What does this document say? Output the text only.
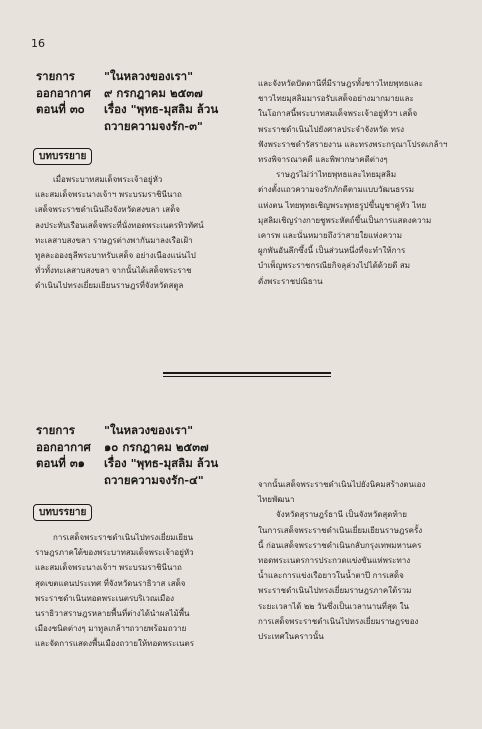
16
รายการ	"ในหลวงของเรา"
ออกอากาศ	๙ กรกฎาคม ๒๕๓๗
ตอนที่ ๓๐	เรื่อง "พุทธ-มุสลิม ล้วน
ถวายความจงรัก-๓"
บทบรรยาย

เมื่อพระบาทสมเด็จพระเจ้าอยู่หัว

และสมเด็จพระนางเจ้าฯ พระบรมราชินีนาถ

เสด็จพระราชดำเนินถึงจังหวัดสงขลา เสด็จ

ลงประทับเรือนเสด็จพระที่นั่งทอดพระเนตรทิวทัศน์

ทะเลสาบสงขลา ราษฎรต่างพากันมาลงเรือเฝ้า

ทูลละอองธุลีพระบาทรับเสด็จ อย่างเนืองแน่นไป

ทั่วทั้งทะเลสาบสงขลา จากนั้นได้เสด็จพระราช

ดำเนินไปทรงเยี่ยมเยียนราษฎรที่จังหวัดสตูล

และจังหวัดปัตตานีที่มีราษฎรทั้งชาวไทยพุทธและ

ชาวไทยมุสลิมมารอรับเสด็จอย่างมากมายและ

ในโอกาสนี้พระบาทสมเด็จพระเจ้าอยู่หัวฯ เสด็จ

พระราชดำเนินไปยังศาลประจำจังหวัด ทรง

ฟังพระราชดำรัสรายงาน และทรงพระกรุณาโปรดเกล้าฯ

ทรงพิจารณาคดี และพิพากษาคดีต่างๆ

ราษฎรไม่ว่าไทยพุทธและไทยมุสลิม

ต่างตั้งแถวความจงรักภักดีตามแบบวัฒนธรรม

แห่งตน ไทยพุทธเชิญพระพุทธรูปขึ้นบูชาคู่หัว ไทย

มุสลิมเชิญร่างกายชูพระหัตถ์ขึ้นเป็นการแสดงความ

เคารพ และนั่นหมายถึงว่าสายใยแห่งความ

ผูกพันอันลึกซึ้งนี้ เป็นส่วนหนึ่งที่จะทำให้การ

บำเพ็ญพระราชกรณียกิจลุล่วงไปได้ด้วยดี สม

ดั่งพระราชปณิธาน

รายการ	"ในหลวงของเรา"
ออกอากาศ	๑๐ กรกฎาคม ๒๕๓๗
ตอนที่ ๓๑	เรื่อง "พุทธ-มุสลิม ล้วน
ถวายความจงรัก-๔"
บทบรรยาย

การเสด็จพระราชดำเนินไปทรงเยี่ยมเยียน

ราษฎรภาคใต้ของพระบาทสมเด็จพระเจ้าอยู่หัว

และสมเด็จพระนางเจ้าฯ พระบรมราชินีนาถ

สุดเขตแดนประเทศ ที่จังหวัดนราธิวาส เสด็จ

พระราชดำเนินทอดพระเนตรบริเวณเมือง

นราธิวาสราษฎรหลายพื้นที่ต่างได้นำผลไม้พื้น

เมืองชนิดต่างๆ มาทูลเกล้าฯถวายพร้อมถวาย

และจัดการแสดงพื้นเมืองถวายให้ทอดพระเนตร

จากนั้นเสด็จพระราชดำเนินไปยังนิคมสร้างตนเอง

ไทยพัฒนา

จังหวัดสุราษฎร์ธานี เป็นจังหวัดสุดท้าย

ในการเสด็จพระราชดำเนินเยี่ยมเยียนราษฎรครั้ง

นี้ ก่อนเสด็จพระราชดำเนินกลับกรุงเทพมหานคร

ทอดพระเนตรการประกวดแข่งขันแห่พระทาง

น้ำและการแข่งเรือยาวในน้ำตาปี การเสด็จ

พระราชดำเนินไปทรงเยี่ยมราษฎรภาคใต้รวม

ระยะเวลาได้ ๒๒ วันซึ่งเป็นเวลานานที่สุด ใน

การเสด็จพระราชดำเนินไปทรงเยี่ยมราษฎรของ

ประเทศในคราวนั้น
